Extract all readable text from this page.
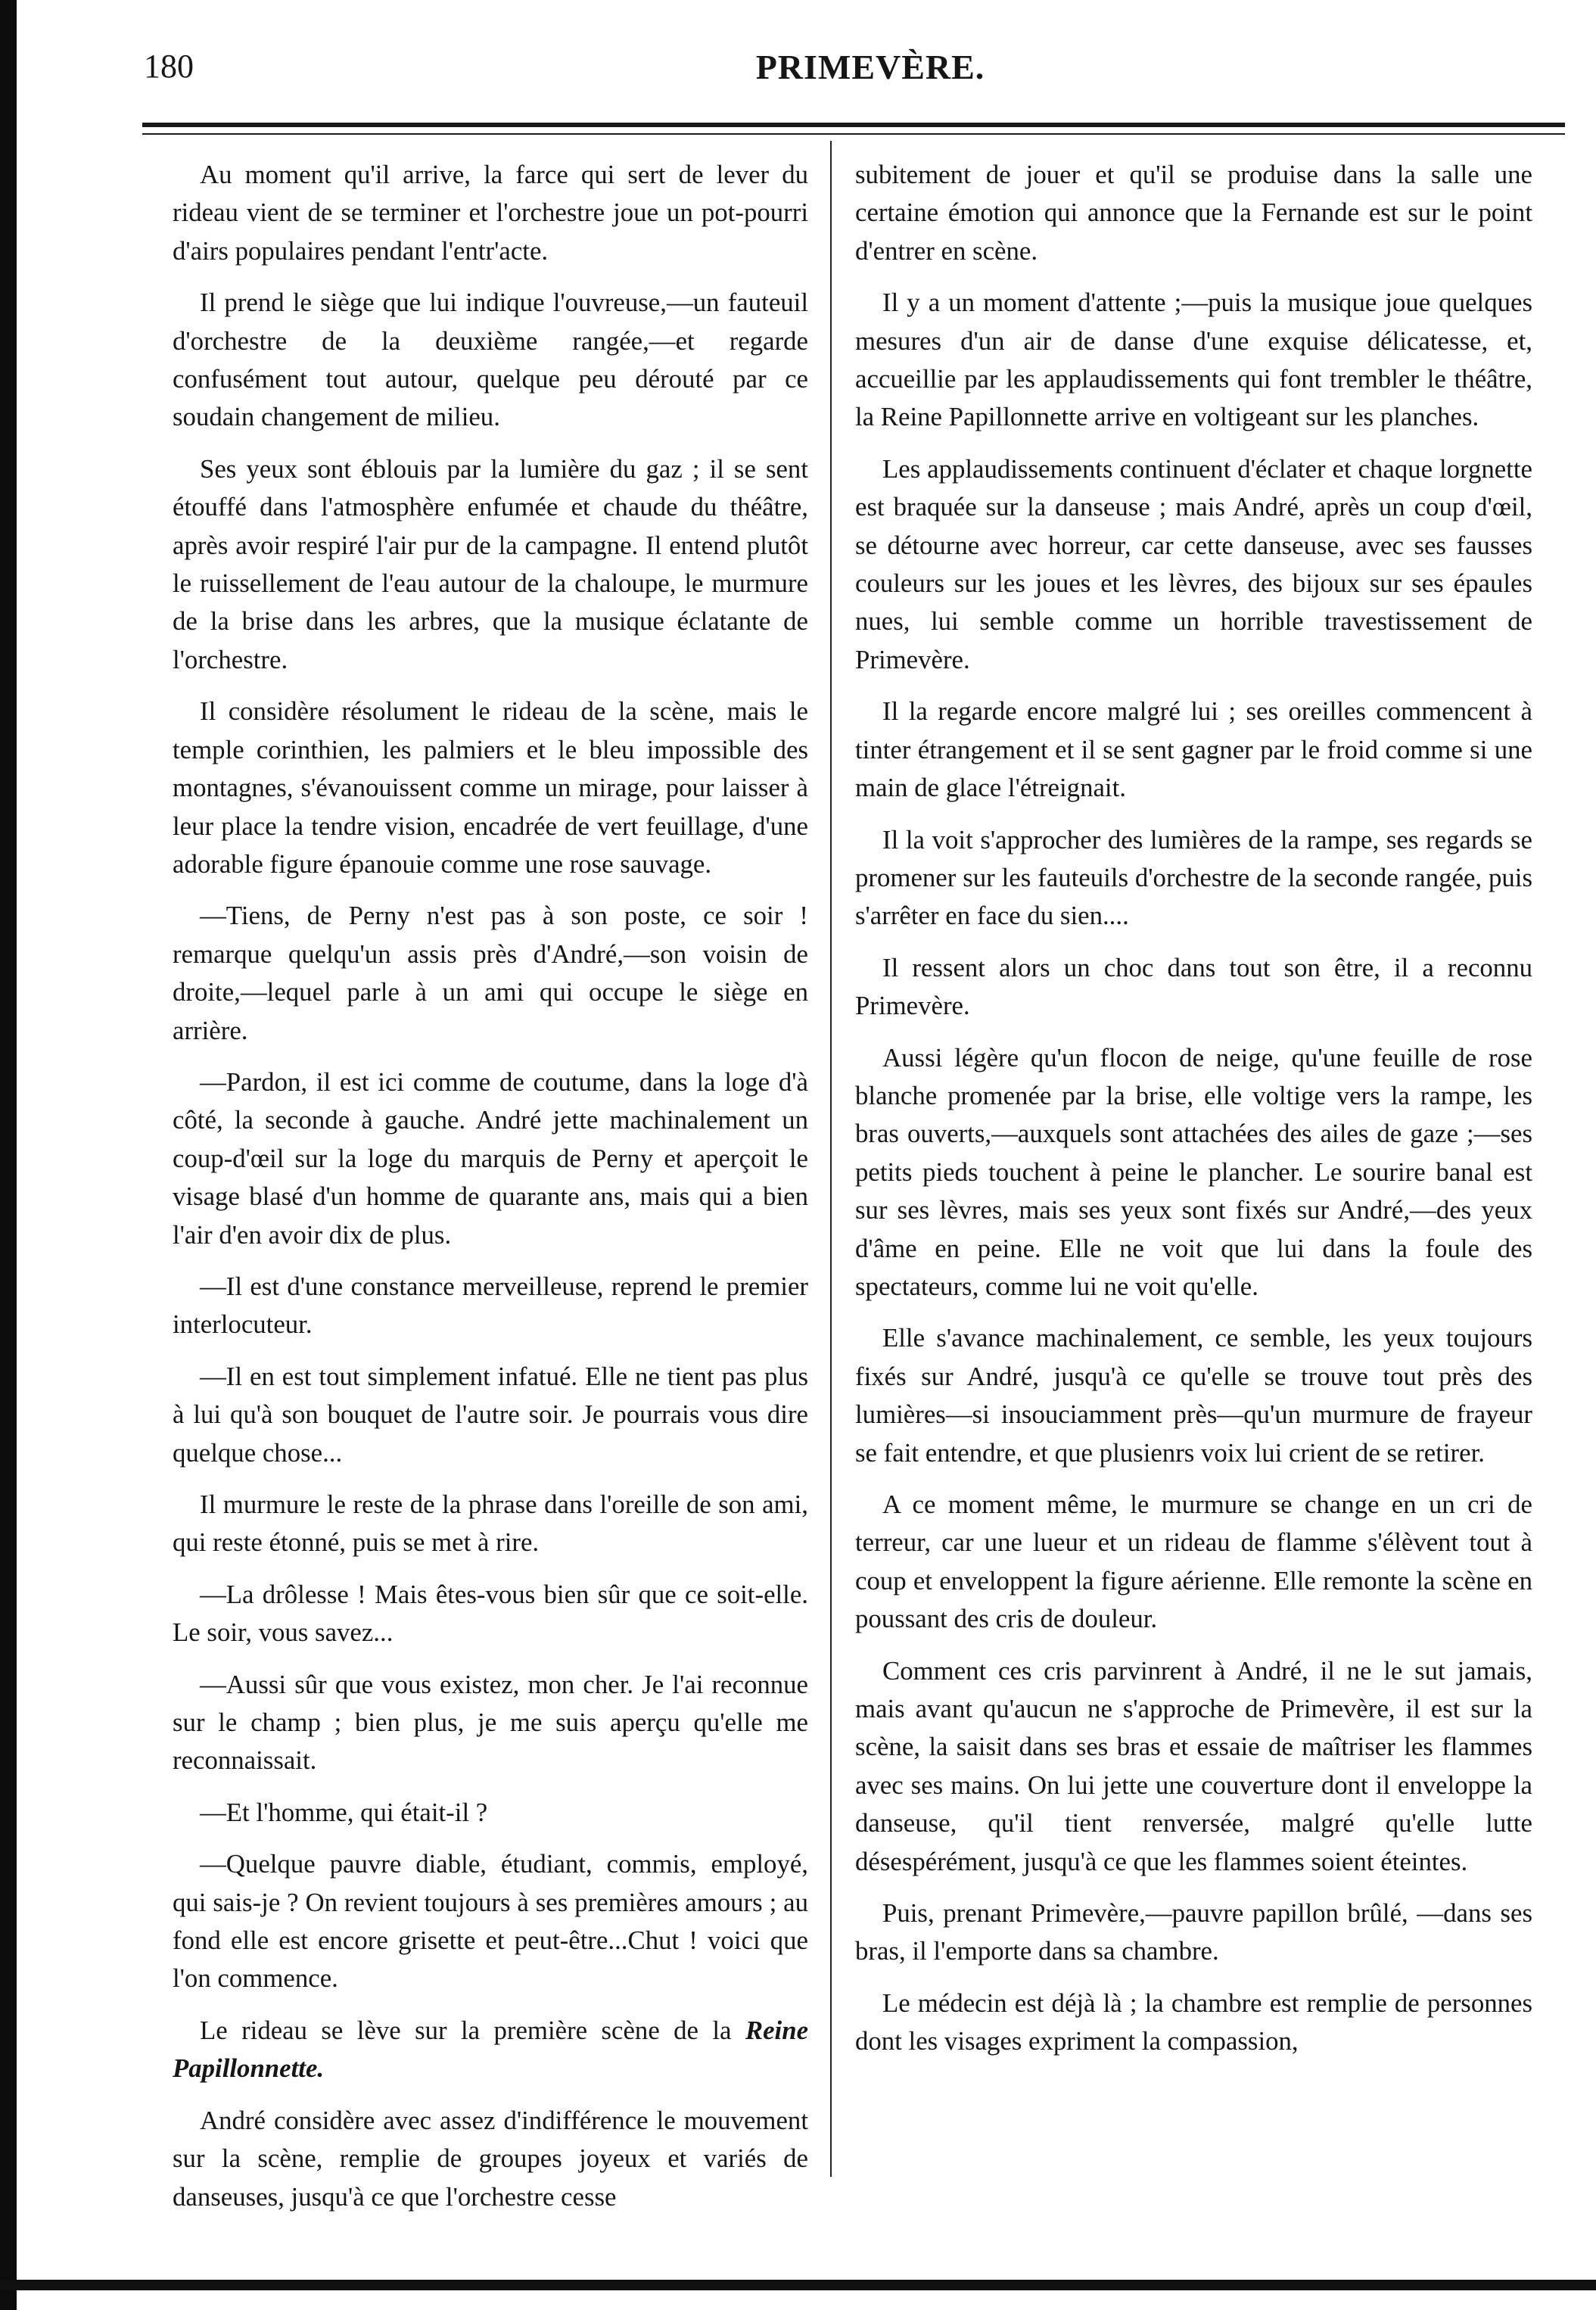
180	PRIMEVÈRE.

Au moment qu'il arrive, la farce qui sert de lever du rideau vient de se terminer et l'orchestre joue un pot-pourri d'airs populaires pendant l'entr'acte.

Il prend le siège que lui indique l'ouvreuse,—un fauteuil d'orchestre de la deuxième rangée,—et regarde confusément tout autour, quelque peu dérouté par ce soudain changement de milieu.

Ses yeux sont éblouis par la lumière du gaz ; il se sent étouffé dans l'atmosphère enfumée et chaude du théâtre, après avoir respiré l'air pur de la campagne. Il entend plutôt le ruissellement de l'eau autour de la chaloupe, le murmure de la brise dans les arbres, que la musique éclatante de l'orchestre.

Il considère résolument le rideau de la scène, mais le temple corinthien, les palmiers et le bleu impossible des montagnes, s'évanouissent comme un mirage, pour laisser à leur place la tendre vision, encadrée de vert feuillage, d'une adorable figure épanouie comme une rose sauvage.

—Tiens, de Perny n'est pas à son poste, ce soir ! remarque quelqu'un assis près d'André,—son voisin de droite,—lequel parle à un ami qui occupe le siège en arrière.

—Pardon, il est ici comme de coutume, dans la loge d'à côté, la seconde à gauche. André jette machinalement un coup-d'œil sur la loge du marquis de Perny et aperçoit le visage blasé d'un homme de quarante ans, mais qui a bien l'air d'en avoir dix de plus.

—Il est d'une constance merveilleuse, reprend le premier interlocuteur.

—Il en est tout simplement infatué. Elle ne tient pas plus à lui qu'à son bouquet de l'autre soir. Je pourrais vous dire quelque chose...

Il murmure le reste de la phrase dans l'oreille de son ami, qui reste étonné, puis se met à rire.

—La drôlesse ! Mais êtes-vous bien sûr que ce soit-elle. Le soir, vous savez...

—Aussi sûr que vous existez, mon cher. Je l'ai reconnue sur le champ ; bien plus, je me suis aperçu qu'elle me reconnaissait.

—Et l'homme, qui était-il ?

—Quelque pauvre diable, étudiant, commis, employé, qui sais-je ? On revient toujours à ses premières amours ; au fond elle est encore grisette et peut-être...Chut ! voici que l'on commence.

Le rideau se lève sur la première scène de la Reine Papillonnette.

André considère avec assez d'indifférence le mouvement sur la scène, remplie de groupes joyeux et variés de danseuses, jusqu'à ce que l'orchestre cesse

subitement de jouer et qu'il se produise dans la salle une certaine émotion qui annonce que la Fernande est sur le point d'entrer en scène.

Il y a un moment d'attente ;—puis la musique joue quelques mesures d'un air de danse d'une exquise délicatesse, et, accueillie par les applaudissements qui font trembler le théâtre, la Reine Papillonnette arrive en voltigeant sur les planches.

Les applaudissements continuent d'éclater et chaque lorgnette est braquée sur la danseuse ; mais André, après un coup d'œil, se détourne avec horreur, car cette danseuse, avec ses fausses couleurs sur les joues et les lèvres, des bijoux sur ses épaules nues, lui semble comme un horrible travestissement de Primevère.

Il la regarde encore malgré lui ; ses oreilles commencent à tinter étrangement et il se sent gagner par le froid comme si une main de glace l'étreignait.

Il la voit s'approcher des lumières de la rampe, ses regards se promener sur les fauteuils d'orchestre de la seconde rangée, puis s'arrêter en face du sien....

Il ressent alors un choc dans tout son être, il a reconnu Primevère.

Aussi légère qu'un flocon de neige, qu'une feuille de rose blanche promenée par la brise, elle voltige vers la rampe, les bras ouverts,—auxquels sont attachées des ailes de gaze ;—ses petits pieds touchent à peine le plancher. Le sourire banal est sur ses lèvres, mais ses yeux sont fixés sur André,—des yeux d'âme en peine. Elle ne voit que lui dans la foule des spectateurs, comme lui ne voit qu'elle.

Elle s'avance machinalement, ce semble, les yeux toujours fixés sur André, jusqu'à ce qu'elle se trouve tout près des lumières—si insouciamment près—qu'un murmure de frayeur se fait entendre, et que plusienrs voix lui crient de se retirer.

A ce moment même, le murmure se change en un cri de terreur, car une lueur et un rideau de flamme s'élèvent tout à coup et enveloppent la figure aérienne. Elle remonte la scène en poussant des cris de douleur.

Comment ces cris parvinrent à André, il ne le sut jamais, mais avant qu'aucun ne s'approche de Primevère, il est sur la scène, la saisit dans ses bras et essaie de maîtriser les flammes avec ses mains. On lui jette une couverture dont il enveloppe la danseuse, qu'il tient renversée, malgré qu'elle lutte désespérément, jusqu'à ce que les flammes soient éteintes.

Puis, prenant Primevère,—pauvre papillon brûlé, —dans ses bras, il l'emporte dans sa chambre.

Le médecin est déjà là ; la chambre est remplie de personnes dont les visages expriment la compassion,
